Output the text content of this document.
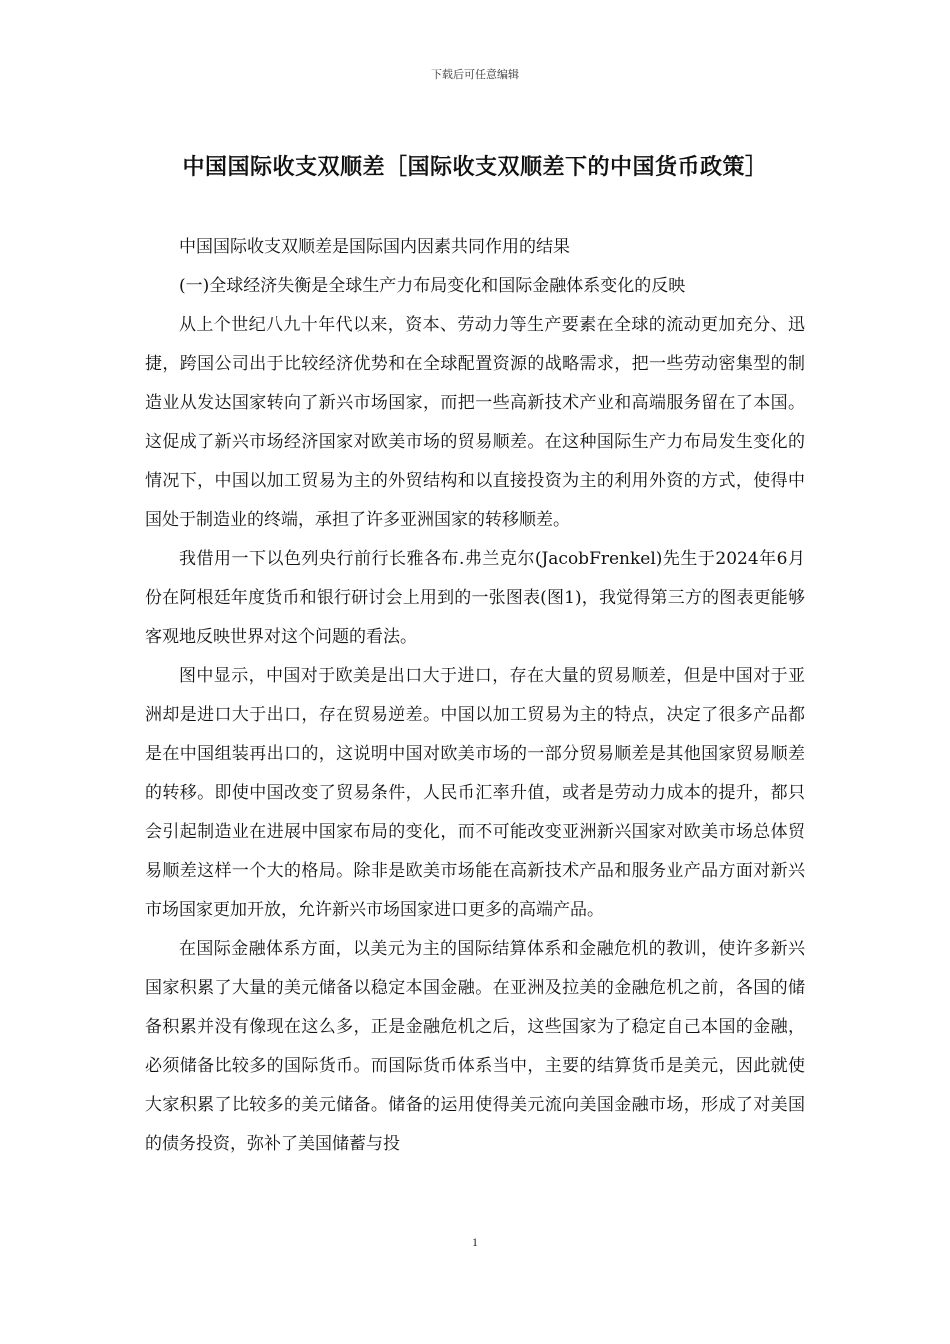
下载后可任意编辑
中国国际收支双顺差［国际收支双顺差下的中国货币政策］

中国国际收支双顺差是国际国内因素共同作用的结果

(一)全球经济失衡是全球生产力布局变化和国际金融体系变化的反映

从上个世纪八九十年代以来，资本、劳动力等生产要素在全球的流动更加充分、迅捷，跨国公司出于比较经济优势和在全球配置资源的战略需求，把一些劳动密集型的制造业从发达国家转向了新兴市场国家，而把一些高新技术产业和高端服务留在了本国。这促成了新兴市场经济国家对欧美市场的贸易顺差。在这种国际生产力布局发生变化的情况下，中国以加工贸易为主的外贸结构和以直接投资为主的利用外资的方式，使得中国处于制造业的终端，承担了许多亚洲国家的转移顺差。

我借用一下以色列央行前行长雅各布.弗兰克尔(JacobFrenkel)先生于2024年6月份在阿根廷年度货币和银行研讨会上用到的一张图表(图1)，我觉得第三方的图表更能够客观地反映世界对这个问题的看法。

图中显示，中国对于欧美是出口大于进口，存在大量的贸易顺差，但是中国对于亚洲却是进口大于出口，存在贸易逆差。中国以加工贸易为主的特点，决定了很多产品都是在中国组装再出口的，这说明中国对欧美市场的一部分贸易顺差是其他国家贸易顺差的转移。即使中国改变了贸易条件，人民币汇率升值，或者是劳动力成本的提升，都只会引起制造业在进展中国家布局的变化，而不可能改变亚洲新兴国家对欧美市场总体贸易顺差这样一个大的格局。除非是欧美市场能在高新技术产品和服务业产品方面对新兴市场国家更加开放，允许新兴市场国家进口更多的高端产品。

在国际金融体系方面，以美元为主的国际结算体系和金融危机的教训，使许多新兴国家积累了大量的美元储备以稳定本国金融。在亚洲及拉美的金融危机之前，各国的储备积累并没有像现在这么多，正是金融危机之后，这些国家为了稳定自己本国的金融，必须储备比较多的国际货币。而国际货币体系当中，主要的结算货币是美元，因此就使大家积累了比较多的美元储备。储备的运用使得美元流向美国金融市场，形成了对美国的债务投资，弥补了美国储蓄与投

1
